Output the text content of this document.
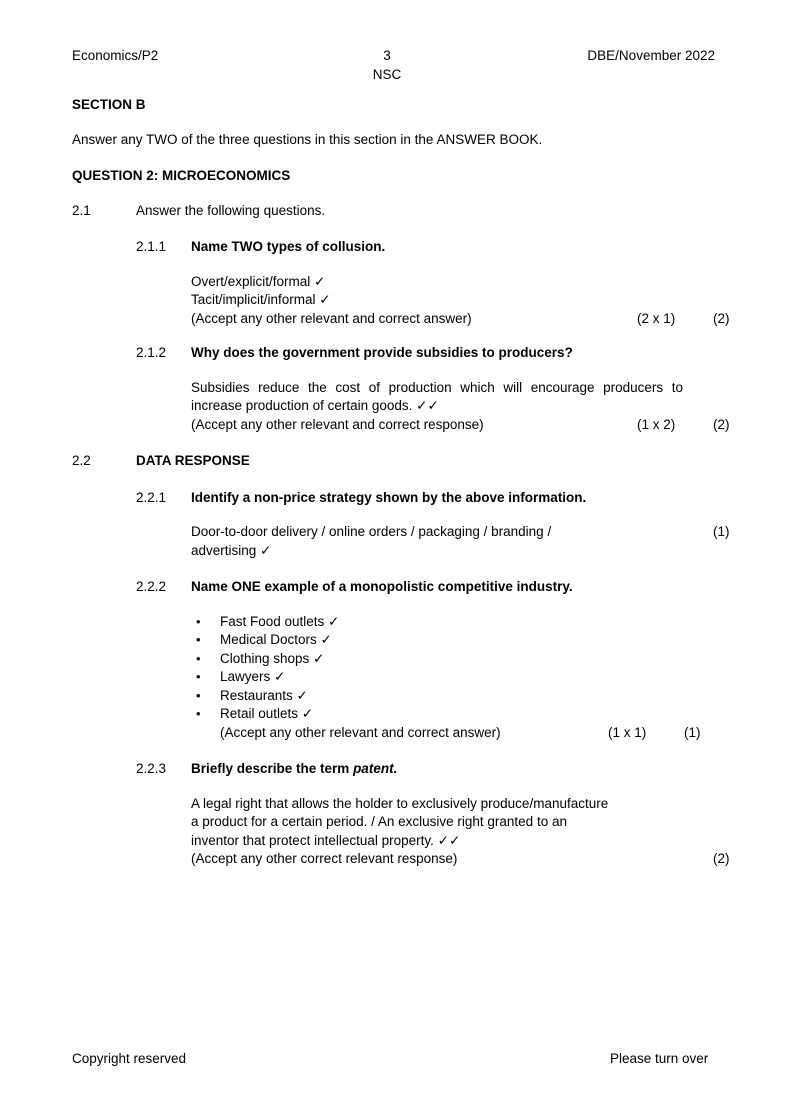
Economics/P2	3
NSC
DBE/November 2022
SECTION B

Answer any TWO of the three questions in this section in the ANSWER BOOK.

QUESTION 2: MICROECONOMICS
2.1	Answer the following questions.
2.1.1 Name TWO types of collusion.
Overt/explicit/formal ✓
Tacit/implicit/informal ✓
(Accept any other relevant and correct answer)	(2 x 1)	(2)
2.1.2 Why does the government provide subsidies to producers?
Subsidies reduce the cost of production which will encourage producers to increase production of certain goods. ✓✓
(Accept any other relevant and correct response)	(1 x 2)	(2)
2.2	DATA RESPONSE
2.2.1 Identify a non-price strategy shown by the above information.
Door-to-door delivery / online orders / packaging / branding /	(1)
advertising ✓
2.2.2 Name ONE example of a monopolistic competitive industry.
• Fast Food outlets ✓
• Medical Doctors ✓
• Clothing shops ✓
• Lawyers ✓
• Restaurants ✓
• Retail outlets ✓
(Accept any other relevant and correct answer)	(1 x 1)	(1)
2.2.3 Briefly describe the term patent.
A legal right that allows the holder to exclusively produce/manufacture
a product for a certain period. / An exclusive right granted to an
inventor that protect intellectual property. ✓✓
(Accept any other correct relevant response)	(2)
Copyright reserved	Please turn over
